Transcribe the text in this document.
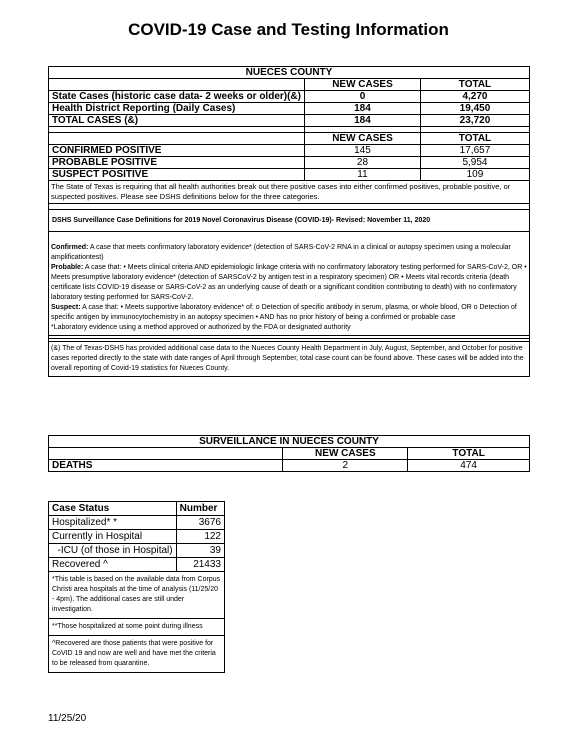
COVID-19 Case and Testing Information
NUECES COUNTY		
	NEW CASES	TOTAL
State Cases (historic case data- 2 weeks or older)(&)	0	4,270
Health District Reporting (Daily Cases)	184	19,450
TOTAL CASES (&)	184	23,720

	NEW CASES	TOTAL
CONFIRMED POSITIVE	145	17,657
PROBABLE POSITIVE	28	5,954
SUSPECT POSITIVE	11	109
The State of Texas is requiring that all health authorities break out there positive cases into either confirmed positives, probable positive, or suspected positives. Please see DSHS definitions below for the three categories.		

DSHS Surveillance Case Definitions for 2019 Novel Coronavirus Disease (COVID-19)- Revised: November 11, 2020		

Confirmed: A case that meets confirmatory laboratory evidence* (detection of SARS-CoV-2 RNA in a clinical or autopsy specimen using a molecular amplificationtest)
Probable: A case that: • Meets clinical criteria AND epidemiologic linkage criteria with no confirmatory laboratory testing performed for SARS-CoV-2, OR • Meets presumptive laboratory evidence* (detection of SARSCoV-2 by antigen test in a respiratory specimen) OR • Meets vital records criteria (death certificate lists COVID-19 disease or SARS-CoV-2 as an underlying cause of death or a significant condition contributing to death) with no confirmatory laboratory testing performed for SARS-CoV-2.
Suspect: A case that: • Meets supportive laboratory evidence* of: o Detection of specific antibody in serum, plasma, or whole blood, OR o Detection of specific antigen by immunocytochemistry in an autopsy specimen • AND has no prior history of being a confirmed or probable case
*Laboratory evidence using a method approved or authorized by the FDA or designated authority		

(&) The of Texas-DSHS has provided additional case data to the Nueces County Health Department in July, August, September, and October for positive cases reported directly to the state with date ranges of April through September, total case count can be found above. These cases will be added into the overall reporting of Covid-19 statistics for Nueces County.		
SURVEILLANCE IN NUECES COUNTY		
	NEW CASES	TOTAL
DEATHS	2	474
Case Status	Number
Hospitalized* *	3676
Currently in Hospital	122
-ICU (of those in Hospital)	39
Recovered ^	21433
*This table is based on the available data from Corpus Christi area hospitals at the time of analysis (11/25/20 - 4pm). The additional cases are still under investigation.	
**Those hospitalized at some point during illness	
^Recovered are those patients that were positive for CoVID 19 and now are well and have met the criteria to be released from quarantine.	
11/25/20
